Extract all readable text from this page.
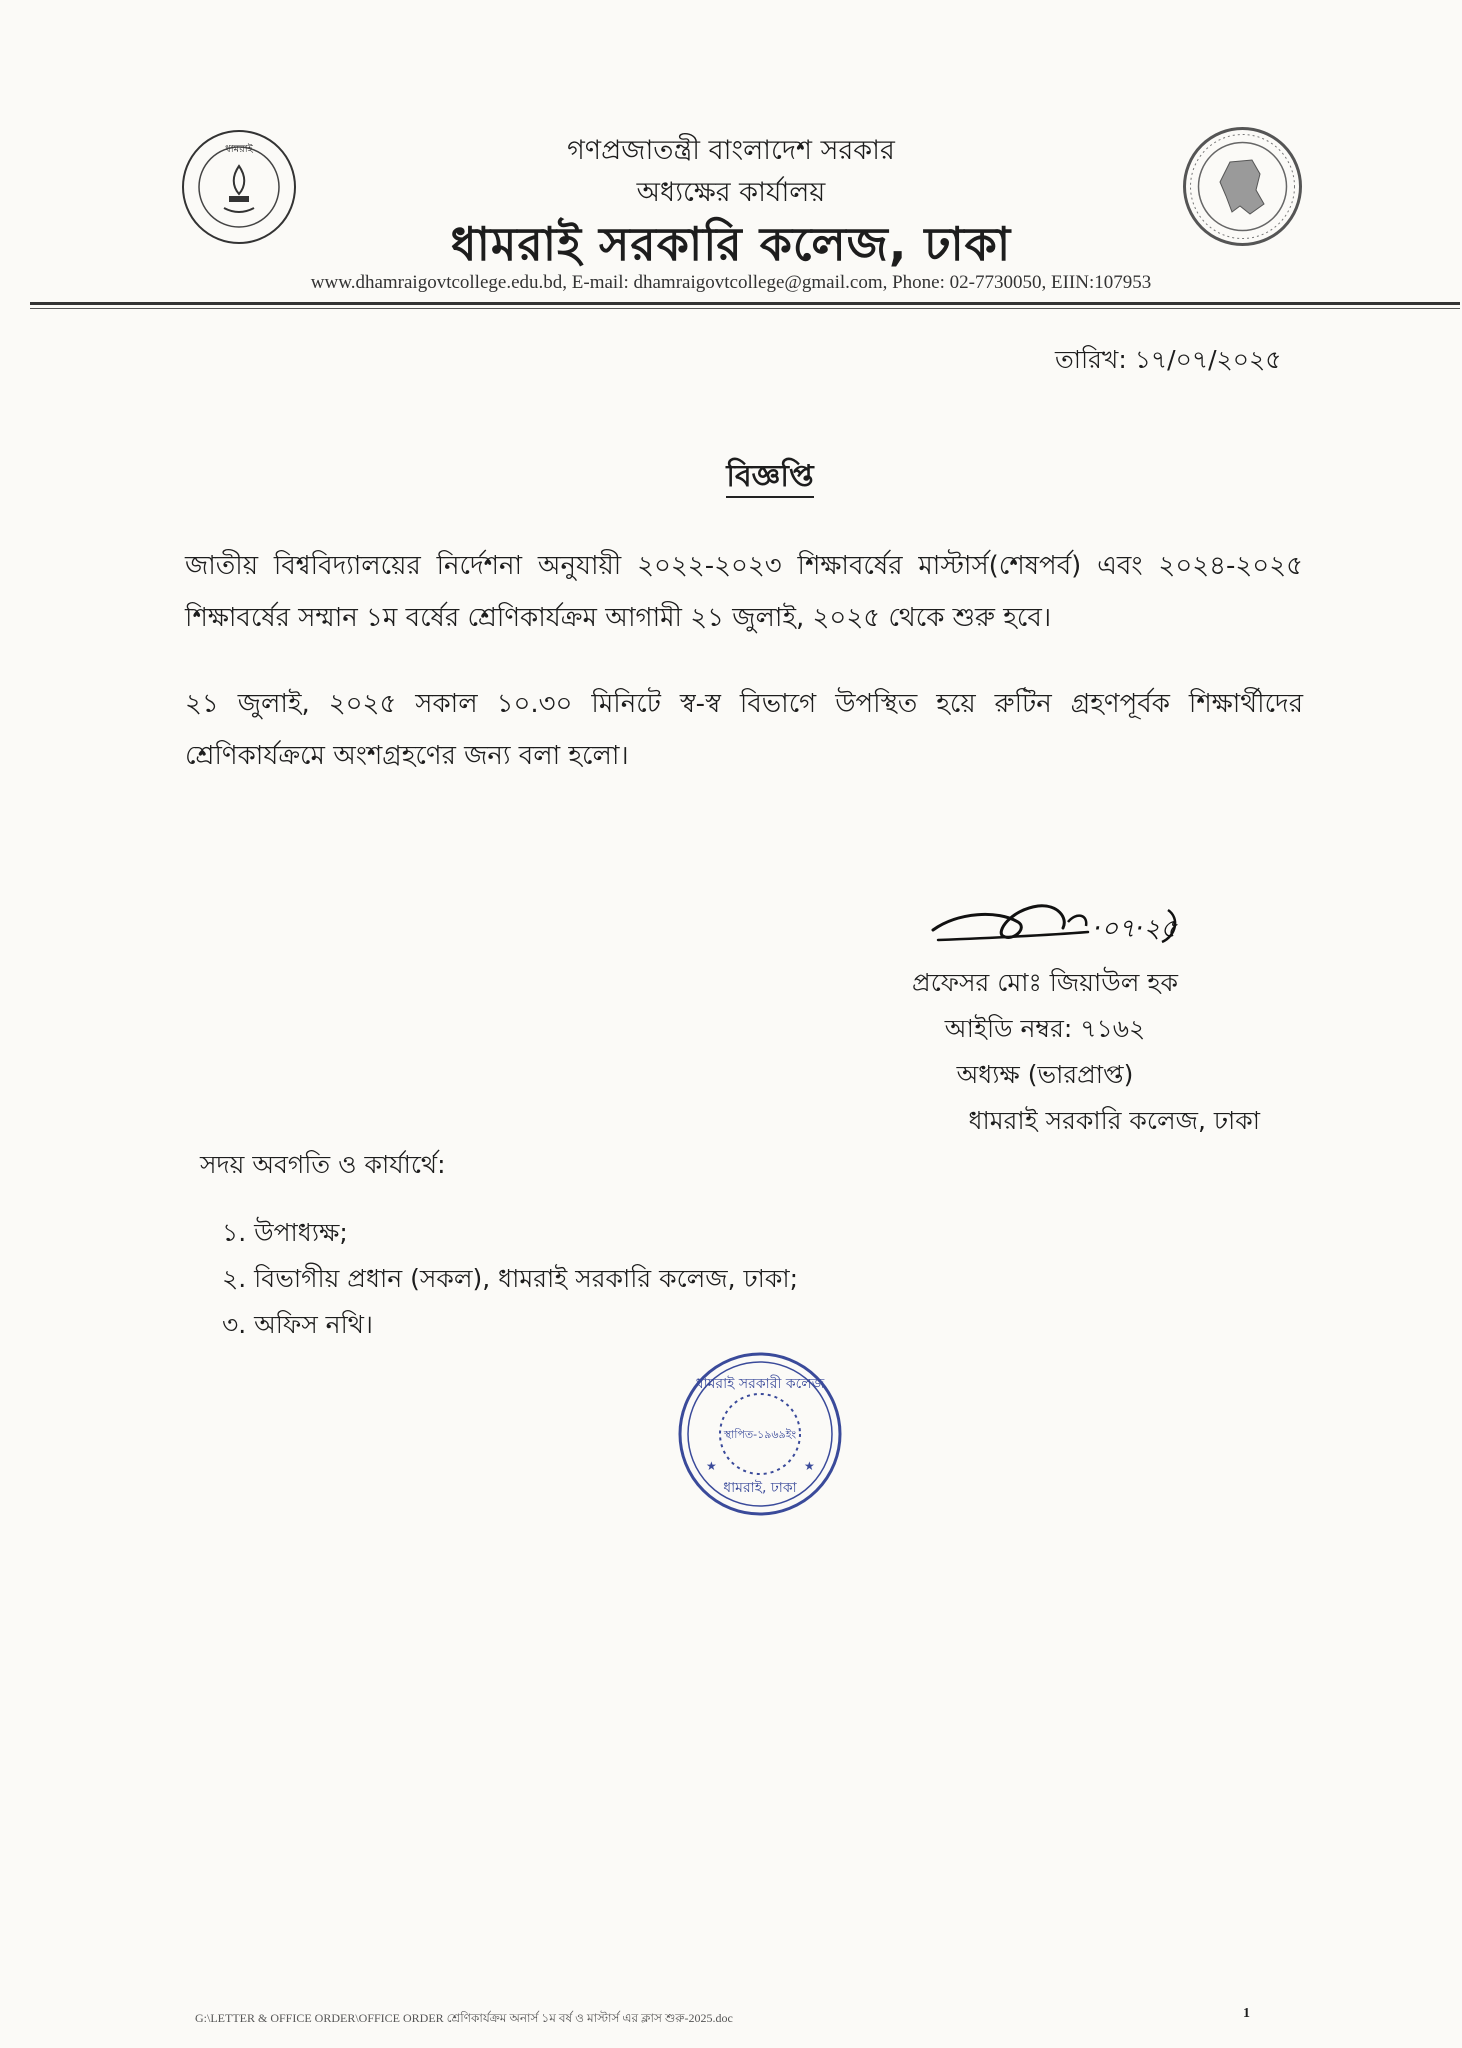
ধামরাই	গণপ্রজাতন্ত্রী বাংলাদেশ সরকার
অধ্যক্ষের কার্যালয়
ধামরাই সরকারি কলেজ, ঢাকা
www.dhamraigovtcollege.edu.bd, E-mail: dhamraigovtcollege@gmail.com, Phone: 02-7730050, EIIN:107953
তারিখ: ১৭/০৭/২০২৫
বিজ্ঞপ্তি
জাতীয় বিশ্ববিদ্যালয়ের নির্দেশনা অনুযায়ী ২০২২-২০২৩ শিক্ষাবর্ষের মাস্টার্স(শেষপর্ব) এবং ২০২৪-২০২৫ শিক্ষাবর্ষের সম্মান ১ম বর্ষের শ্রেণিকার্যক্রম আগামী ২১ জুলাই, ২০২৫ থেকে শুরু হবে।
২১ জুলাই, ২০২৫ সকাল ১০.৩০ মিনিটে স্ব-স্ব বিভাগে উপস্থিত হয়ে রুটিন গ্রহণপূর্বক শিক্ষার্থীদের শ্রেণিকার্যক্রমে অংশগ্রহণের জন্য বলা হলো।
·০৭·২৫
প্রফেসর মোঃ জিয়াউল হক
আইডি নম্বর: ৭১৬২
অধ্যক্ষ (ভারপ্রাপ্ত)
ধামরাই সরকারি কলেজ, ঢাকা
সদয় অবগতি ও কার্যার্থে:
১. উপাধ্যক্ষ;
২. বিভাগীয় প্রধান (সকল), ধামরাই সরকারি কলেজ, ঢাকা;
৩. অফিস নথি।
স্থাপিত-১৯৬৯ইং
ধামরাই সরকারী কলেজ
ধামরাই, ঢাকা
★	★
G:\LETTER & OFFICE ORDER\OFFICE ORDER শ্রেণিকার্যক্রম অনার্স ১ম বর্ষ ও মাস্টার্স এর ক্লাস শুরু-2025.doc	1
